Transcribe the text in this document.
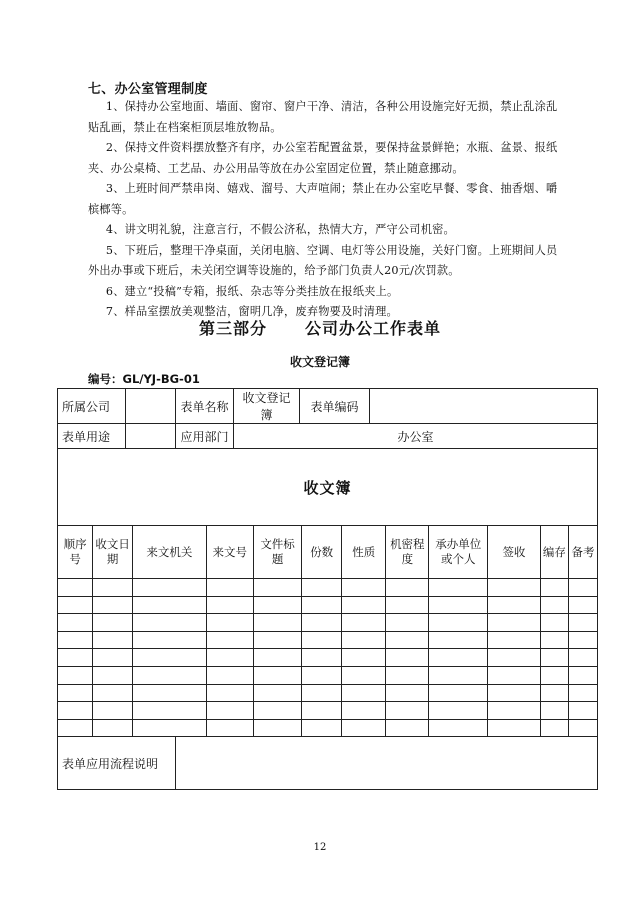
七、办公室管理制度

1、保持办公室地面、墙面、窗帘、窗户干净、清洁，各种公用设施完好无损，禁止乱涂乱贴乱画，禁止在档案柜顶层堆放物品。

2、保持文件资料摆放整齐有序，办公室若配置盆景，要保持盆景鲜艳；水瓶、盆景、报纸夹、办公桌椅、工艺品、办公用品等放在办公室固定位置，禁止随意挪动。

3、上班时间严禁串岗、嬉戏、溜号、大声喧闹；禁止在办公室吃早餐、零食、抽香烟、嚼槟榔等。

4、讲文明礼貌，注意言行，不假公济私，热情大方，严守公司机密。

5、下班后，整理干净桌面，关闭电脑、空调、电灯等公用设施，关好门窗。上班期间人员外出办事或下班后，未关闭空调等设施的，给予部门负责人20元/次罚款。

6、建立“投稿”专箱，报纸、杂志等分类挂放在报纸夹上。

7、样品室摆放美观整洁，窗明几净，废弃物要及时清理。

第三部分 公司办公工作表单
收文登记簿
编号：GL/YJ-BG-01
所属公司		表单名称	收文登记簿	表单编码	
表单用途		应用部门	办公室
收文簿

顺序号	收文日期	来文机关	来文号	文件标题	份数	性质	机密程度	承办单位或个人	签收	编存	备考

表单应用流程说明	
12
